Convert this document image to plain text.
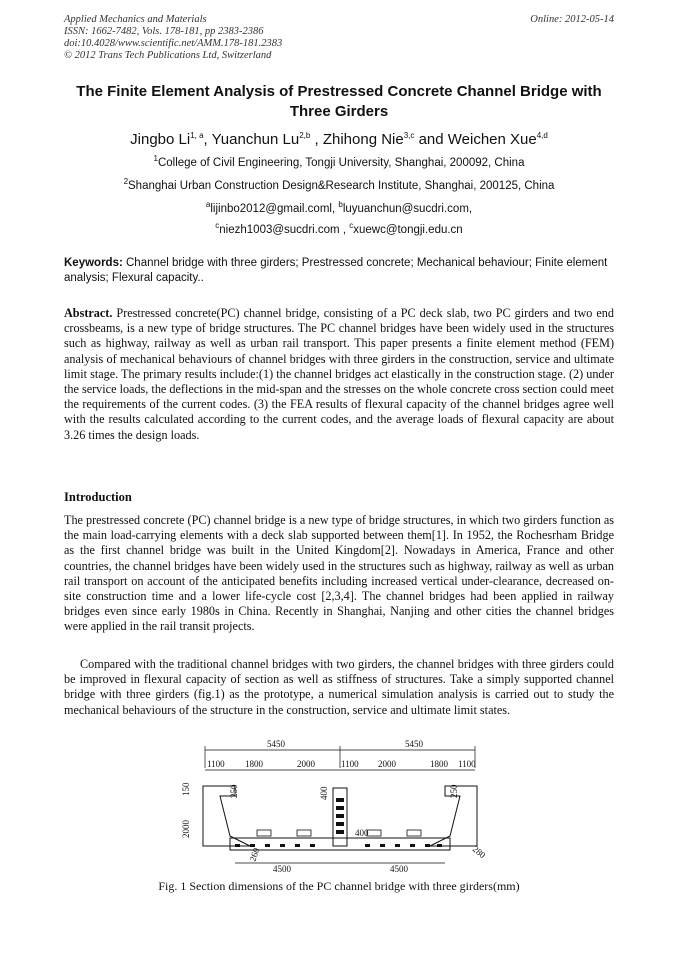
Applied Mechanics and Materials
ISSN: 1662-7482, Vols. 178-181, pp 2383-2386
doi:10.4028/www.scientific.net/AMM.178-181.2383
© 2012 Trans Tech Publications Ltd, Switzerland
Online: 2012-05-14
The Finite Element Analysis of Prestressed Concrete Channel Bridge with Three Girders
Jingbo Li$^{1, a}$, Yuanchun Lu$^{2,b}$ , Zhihong Nie$^{3,c}$ and Weichen Xue$^{4,d}$
$^1$College of Civil Engineering, Tongji University, Shanghai, 200092, China
$^2$Shanghai Urban Construction Design&Research Institute, Shanghai, 200125, China
$^a$lijinbo2012@gmail.coml, $^b$luyuanchun@sucdri.com,
$^c$niezh1003@sucdri.com , $^c$xuewc@tongji.edu.cn
Keywords: Channel bridge with three girders; Prestressed concrete; Mechanical behaviour; Finite element analysis; Flexural capacity..
Abstract. Prestressed concrete(PC) channel bridge, consisting of a PC deck slab, two PC girders and two end crossbeams, is a new type of bridge structures. The PC channel bridges have been widely used in the structures such as highway, railway as well as urban rail transport. This paper presents a finite element method (FEM) analysis of mechanical behaviours of channel bridges with three girders in the construction, service and ultimate limit stage. The primary results include:(1) the channel bridges act elastically in the construction stage. (2) under the service loads, the deflections in the mid-span and the stresses on the whole concrete cross section could meet the requirements of the current codes. (3) the FEA results of flexural capacity of the channel bridges agree well with the results calculated according to the current codes, and the average loads of flexural capacity are about 3.26 times the design loads.
Introduction
The prestressed concrete (PC) channel bridge is a new type of bridge structures, in which two girders function as the main load-carrying elements with a deck slab supported between them[1]. In 1952, the Rochesrham Bridge as the first channel bridge was built in the United Kingdom[2]. Nowadays in America, France and other countries, the channel bridges have been widely used in the structures such as highway, railway as well as urban rail transport on account of the anticipated benefits including increased vertical under-clearance, decreased on-site construction time and a lower life-cycle cost [2,3,4]. The channel bridges had been applied in railway bridges even since early 1980s in China. Recently in Shanghai, Nanjing and other cities the channel bridges were applied in the rail transit projects.
Compared with the traditional channel bridges with two girders, the channel bridges with three girders could be improved in flexural capacity of section as well as stiffness of structures. Take a simply supported channel bridge with three girders (fig.1) as the prototype, a numerical simulation analysis is carried out to study the mechanical behaviours of the structure in the construction, service and ultimate limit states.
5450	5450
1100 1800	2000	1100 2000	1800 1100
4500	4500
150
2000
250	250
400
400
260	280
Fig. 1 Section dimensions of the PC channel bridge with three girders(mm)
